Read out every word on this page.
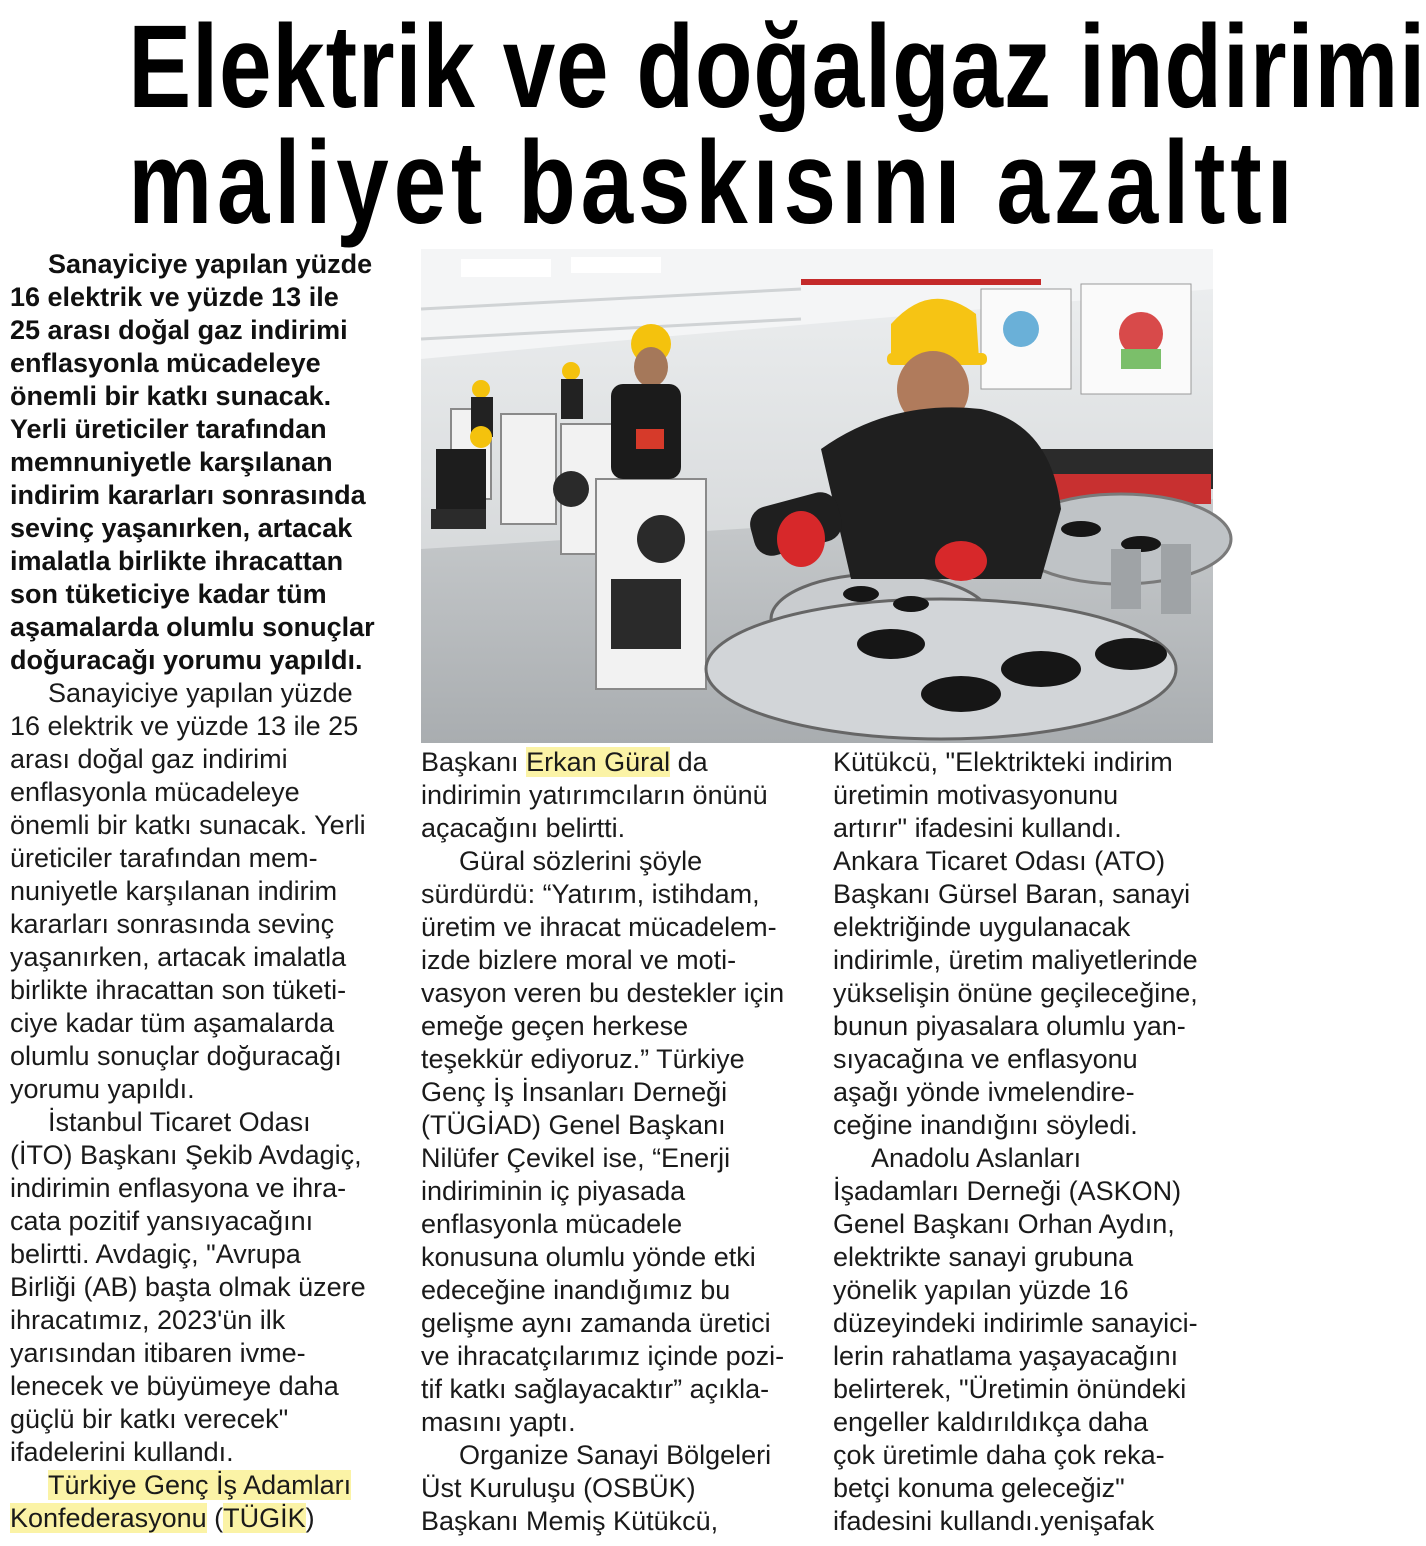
Elektrik ve doğalgaz indirimi
maliyet baskısını azalttı

Sanayiciye yapılan yüzde
16 elektrik ve yüzde 13 ile
25 arası doğal gaz indirimi
enflasyonla mücadeleye
önemli bir katkı sunacak.
Yerli üreticiler tarafından
memnuniyetle karşılanan
indirim kararları sonrasında
sevinç yaşanırken, artacak
imalatla birlikte ihracattan
son tüketiciye kadar tüm
aşamalarda olumlu sonuçlar
doğuracağı yorumu yapıldı.

Sanayiciye yapılan yüzde
16 elektrik ve yüzde 13 ile 25
arası doğal gaz indirimi
enflasyonla mücadeleye
önemli bir katkı sunacak. Yerli
üreticiler tarafından mem-
nuniyetle karşılanan indirim
kararları sonrasında sevinç
yaşanırken, artacak imalatla
birlikte ihracattan son tüketi-
ciye kadar tüm aşamalarda
olumlu sonuçlar doğuracağı
yorumu yapıldı.

İstanbul Ticaret Odası
(İTO) Başkanı Şekib Avdagiç,
indirimin enflasyona ve ihra-
cata pozitif yansıyacağını
belirtti. Avdagiç, "Avrupa
Birliği (AB) başta olmak üzere
ihracatımız, 2023'ün ilk
yarısından itibaren ivme-
lenecek ve büyümeye daha
güçlü bir katkı verecek"
ifadelerini kullandı.

Türkiye Genç İş Adamları
Konfederasyonu (TÜGİK)

Başkanı Erkan Güral da
indirimin yatırımcıların önünü
açacağını belirtti.

Güral sözlerini şöyle
sürdürdü: “Yatırım, istihdam,
üretim ve ihracat mücadelem-
izde bizlere moral ve moti-
vasyon veren bu destekler için
emeğe geçen herkese
teşekkür ediyoruz.” Türkiye
Genç İş İnsanları Derneği
(TÜGİAD) Genel Başkanı
Nilüfer Çevikel ise, “Enerji
indiriminin iç piyasada
enflasyonla mücadele
konusuna olumlu yönde etki
edeceğine inandığımız bu
gelişme aynı zamanda üretici
ve ihracatçılarımız içinde pozi-
tif katkı sağlayacaktır” açıkla-
masını yaptı.

Organize Sanayi Bölgeleri
Üst Kuruluşu (OSBÜK)
Başkanı Memiş Kütükcü,

Kütükcü, "Elektrikteki indirim
üretimin motivasyonunu
artırır" ifadesini kullandı.
Ankara Ticaret Odası (ATO)
Başkanı Gürsel Baran, sanayi
elektriğinde uygulanacak
indirimle, üretim maliyetlerinde
yükselişin önüne geçileceğine,
bunun piyasalara olumlu yan-
sıyacağına ve enflasyonu
aşağı yönde ivmelendire-
ceğine inandığını söyledi.

Anadolu Aslanları
İşadamları Derneği (ASKON)
Genel Başkanı Orhan Aydın,
elektrikte sanayi grubuna
yönelik yapılan yüzde 16
düzeyindeki indirimle sanayici-
lerin rahatlama yaşayacağını
belirterek, "Üretimin önündeki
engeller kaldırıldıkça daha
çok üretimle daha çok reka-
betçi konuma geleceğiz"
ifadesini kullandı.yenişafak
